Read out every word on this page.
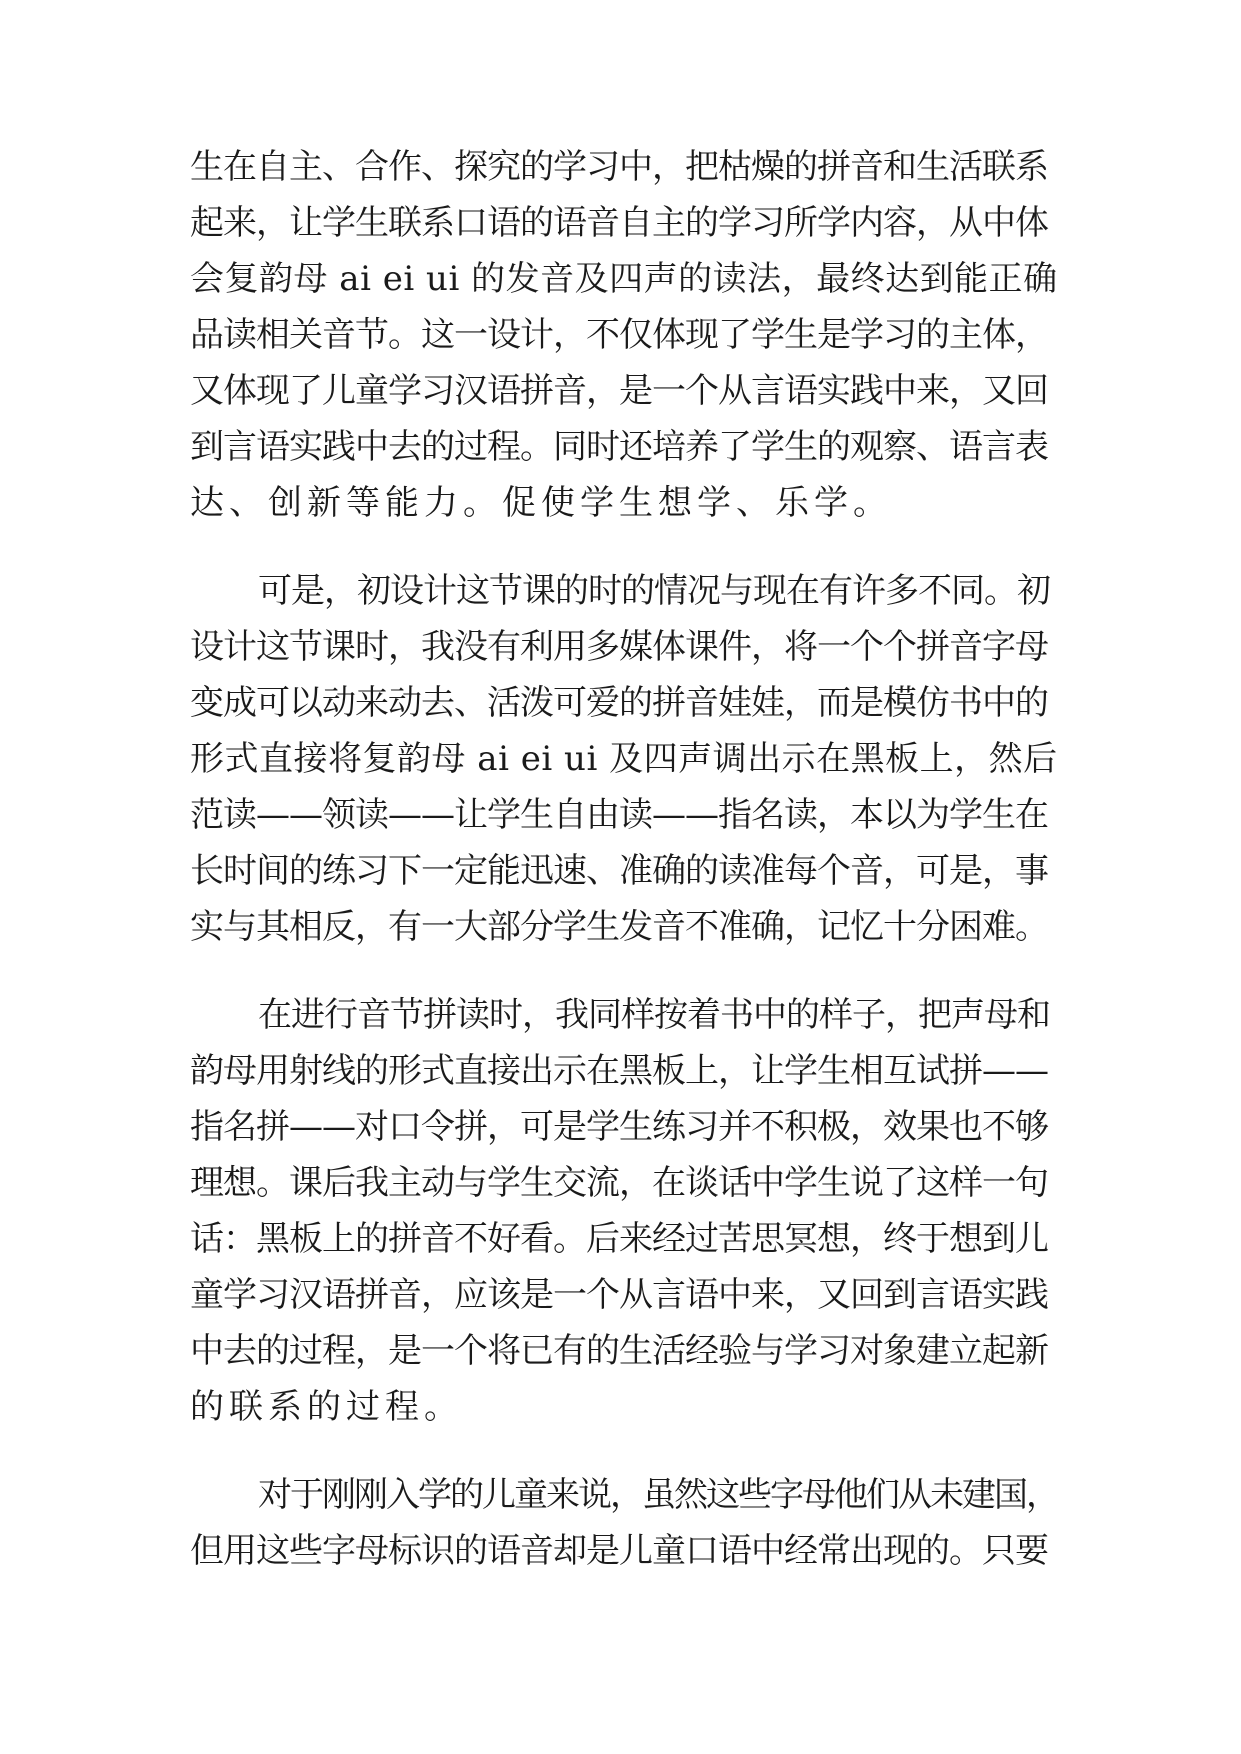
生在自主、合作、探究的学习中，把枯燥的拼音和生活联系
起来，让学生联系口语的语音自主的学习所学内容，从中体
会复韵母 ai ei ui 的发音及四声的读法，最终达到能正确
品读相关音节。这一设计，不仅体现了学生是学习的主体，
又体现了儿童学习汉语拼音，是一个从言语实践中来，又回
到言语实践中去的过程。同时还培养了学生的观察、语言表
达、创新等能力。促使学生想学、乐学。
可是，初设计这节课的时的情况与现在有许多不同。初
设计这节课时，我没有利用多媒体课件，将一个个拼音字母
变成可以动来动去、活泼可爱的拼音娃娃，而是模仿书中的
形式直接将复韵母 ai ei ui 及四声调出示在黑板上，然后
范读——领读——让学生自由读——指名读，本以为学生在
长时间的练习下一定能迅速、准确的读准每个音，可是，事
实与其相反，有一大部分学生发音不准确，记忆十分困难。
在进行音节拼读时，我同样按着书中的样子，把声母和
韵母用射线的形式直接出示在黑板上，让学生相互试拼——
指名拼——对口令拼，可是学生练习并不积极，效果也不够
理想。课后我主动与学生交流，在谈话中学生说了这样一句
话：黑板上的拼音不好看。后来经过苦思冥想，终于想到儿
童学习汉语拼音，应该是一个从言语中来，又回到言语实践
中去的过程，是一个将已有的生活经验与学习对象建立起新
的联系的过程。
对于刚刚入学的儿童来说，虽然这些字母他们从未建国，
但用这些字母标识的语音却是儿童口语中经常出现的。只要
